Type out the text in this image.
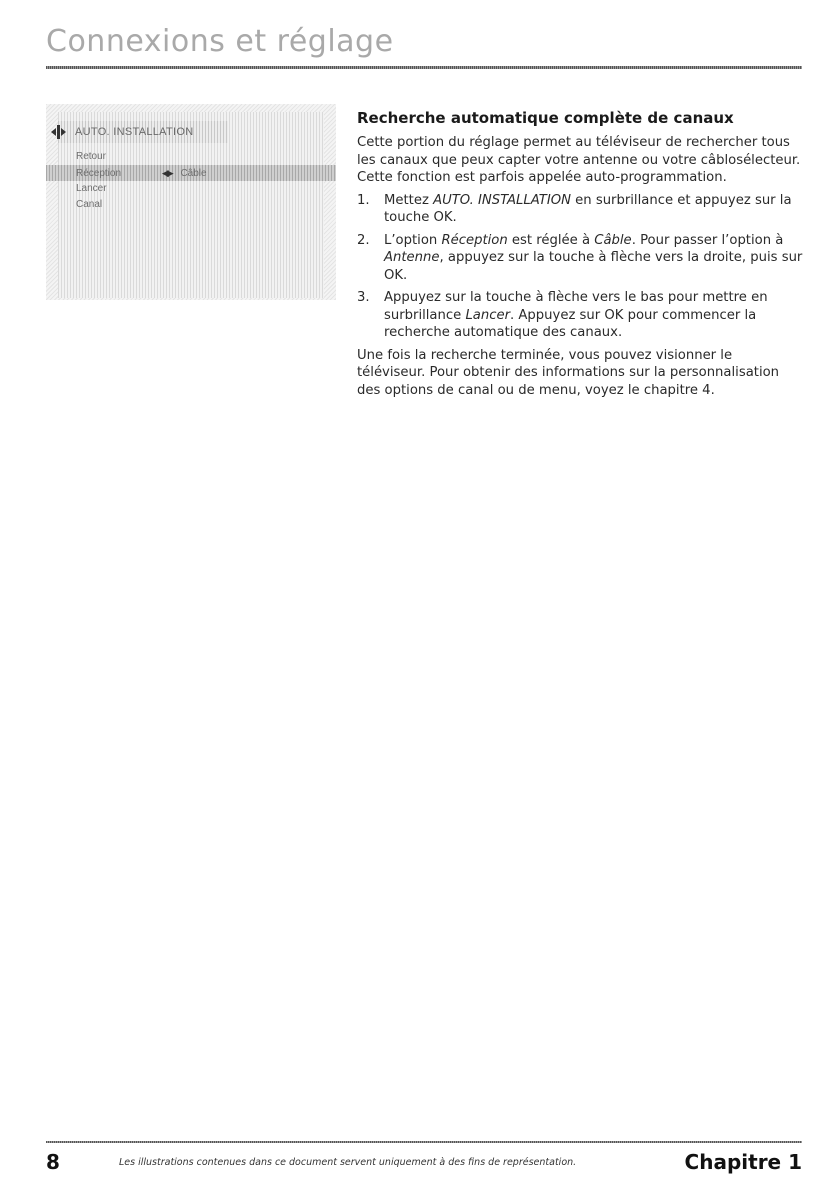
Connexions et réglage
AUTO. INSTALLATION
Retour
Réception ◀▶	Câble
Lancer
Canal
Recherche automatique complète de canaux

Cette portion du réglage permet au téléviseur de rechercher tous les canaux que peux capter votre antenne ou votre câblosélecteur. Cette fonction est parfois appelée auto-programmation.

1. Mettez AUTO. INSTALLATION en surbrillance et appuyez sur la touche OK.
2. L’option Réception est réglée à Câble. Pour passer l’option à Antenne, appuyez sur la touche à flèche vers la droite, puis sur OK.
3. Appuyez sur la touche à flèche vers le bas pour mettre en surbrillance Lancer. Appuyez sur OK pour commencer la recherche automatique des canaux.

Une fois la recherche terminée, vous pouvez visionner le téléviseur. Pour obtenir des informations sur la personnalisation des options de canal ou de menu, voyez le chapitre 4.

8	Les illustrations contenues dans ce document servent uniquement à des fins de représentation.	Chapitre 1
